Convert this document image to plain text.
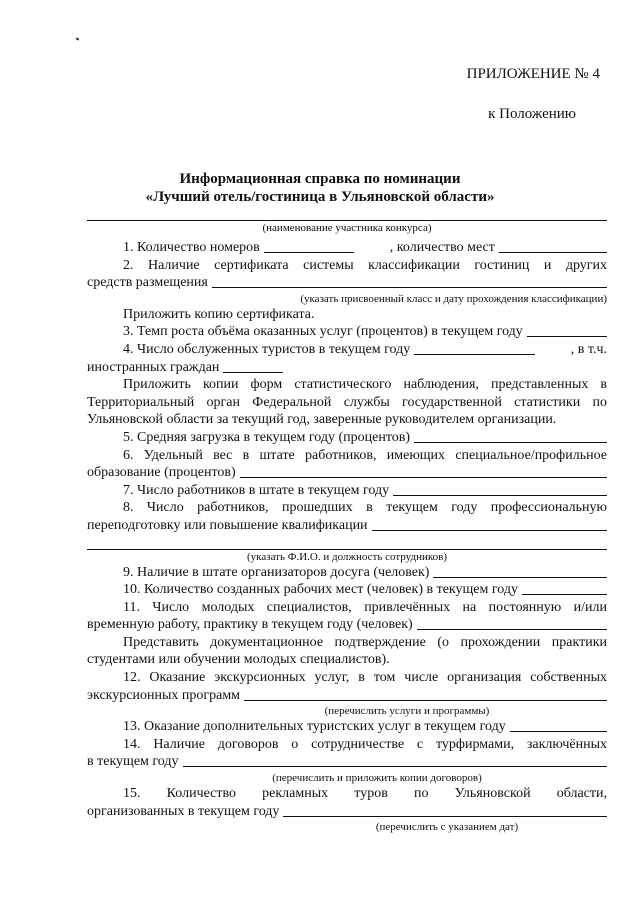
ПРИЛОЖЕНИЕ № 4
к Положению
Информационная справка по номинации
«Лучший отель/гостиница в Ульяновской области»
(наименование участника конкурса)
1. Количество номеров	, количество мест

2. Наличие сертификата системы классификации гостиниц и других

средств размещения
(указать присвоенный класс и дату прохождения классификации)

Приложить копию сертификата.

3. Темп роста объёма оказанных услуг (процентов) в текущем году
4. Число обслуженных туристов в текущем году	, в т.ч.
иностранных граждан

Приложить копии форм статистического наблюдения, представленных в Территориальный орган Федеральной службы государственной статистики по Ульяновской области за текущий год, заверенные руководителем организации.

5. Средняя загрузка в текущем году (процентов)

6. Удельный вес в штате работников, имеющих специальное/профильное

образование (процентов)
7. Число работников в штате в текущем году

8. Число работников, прошедших в текущем году профессиональную

переподготовку или повышение квалификации
(указать Ф.И.О. и должность сотрудников)
9. Наличие в штате организаторов досуга (человек)
10. Количество созданных рабочих мест (человек) в текущем году

11. Число молодых специалистов, привлечённых на постоянную и/или

временную работу, практику в текущем году (человек)

Представить документационное подтверждение (о прохождении практики студентами или обучении молодых специалистов).

12. Оказание экскурсионных услуг, в том числе организация собственных

экскурсионных программ
(перечислить услуги и программы)
13. Оказание дополнительных туристских услуг в текущем году

14. Наличие договоров о сотрудничестве с турфирмами, заключённых

в текущем году
(перечислить и приложить копии договоров)

15. Количество рекламных туров по Ульяновской области,

организованных в текущем году
(перечислить с указанием дат)
